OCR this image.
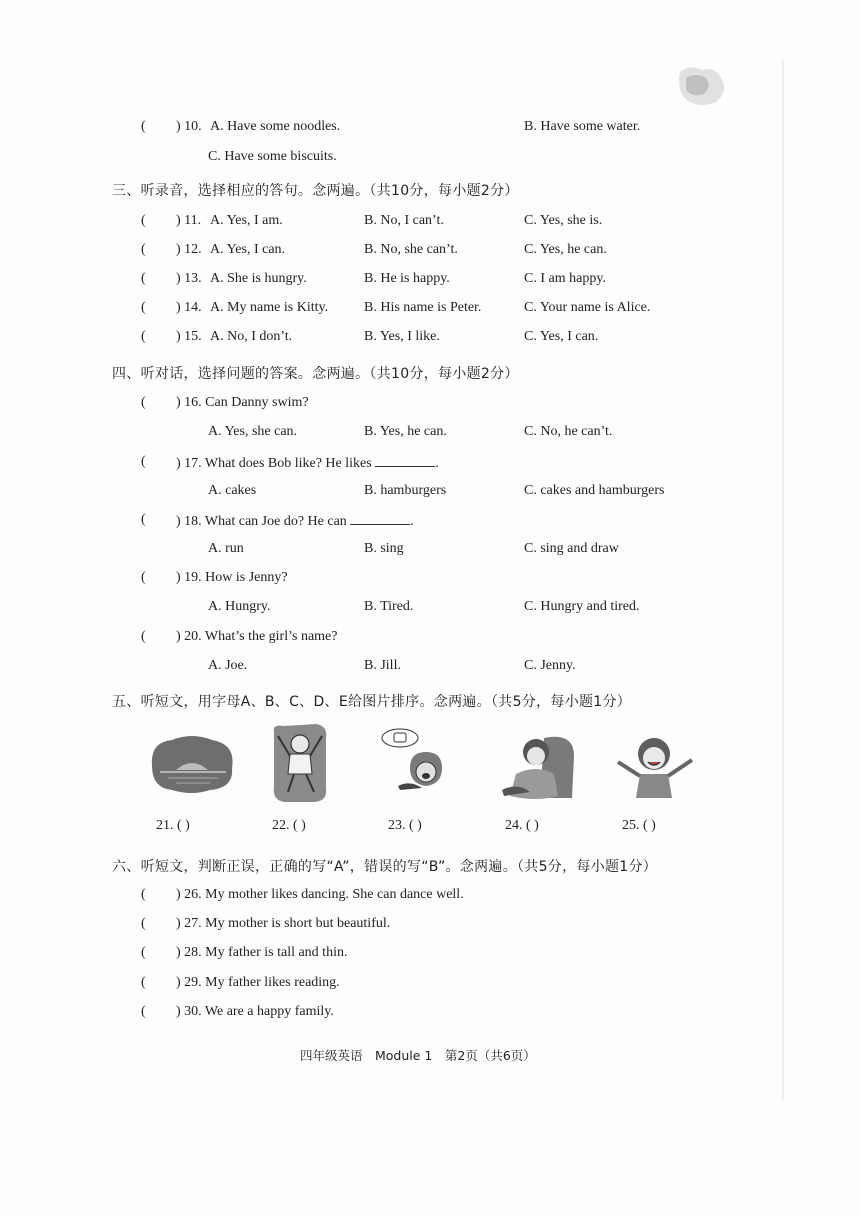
( ) 10. A. Have some noodles.	B. Have some water.
C. Have some biscuits.
三、听录音，选择相应的答句。念两遍。（共10分，每小题2分）
( ) 11. A. Yes, I am.	B. No, I can’t.	C. Yes, she is.
( ) 12. A. Yes, I can.	B. No, she can’t.	C. Yes, he can.
( ) 13. A. She is hungry.	B. He is happy.	C. I am happy.
( ) 14. A. My name is Kitty.	B. His name is Peter.	C. Your name is Alice.
( ) 15. A. No, I don’t.	B. Yes, I like.	C. Yes, I can.
四、听对话，选择问题的答案。念两遍。（共10分，每小题2分）
( ) 16. Can Danny swim?
A. Yes, she can.	B. Yes, he can.	C. No, he can’t.
( ) 17. What does Bob like? He likes	.
A. cakes	B. hamburgers	C. cakes and hamburgers
( ) 18. What can Joe do? He can	.
A. run	B. sing	C. sing and draw
( ) 19. How is Jenny?
A. Hungry.	B. Tired.	C. Hungry and tired.
( ) 20. What’s the girl’s name?
A. Joe.	B. Jill.	C. Jenny.
五、听短文，用字母A、B、C、D、E给图片排序。念两遍。（共5分，每小题1分）
21. ( )	22. ( )	23. ( )	24. ( )	25. ( )
六、听短文，判断正误，正确的写“A”，错误的写“B”。念两遍。（共5分，每小题1分）
( ) 26. My mother likes dancing. She can dance well.
( ) 27. My mother is short but beautiful.
( ) 28. My father is tall and thin.
( ) 29. My father likes reading.
( ) 30. We are a happy family.
四年级英语　Module 1　第2页（共6页）
